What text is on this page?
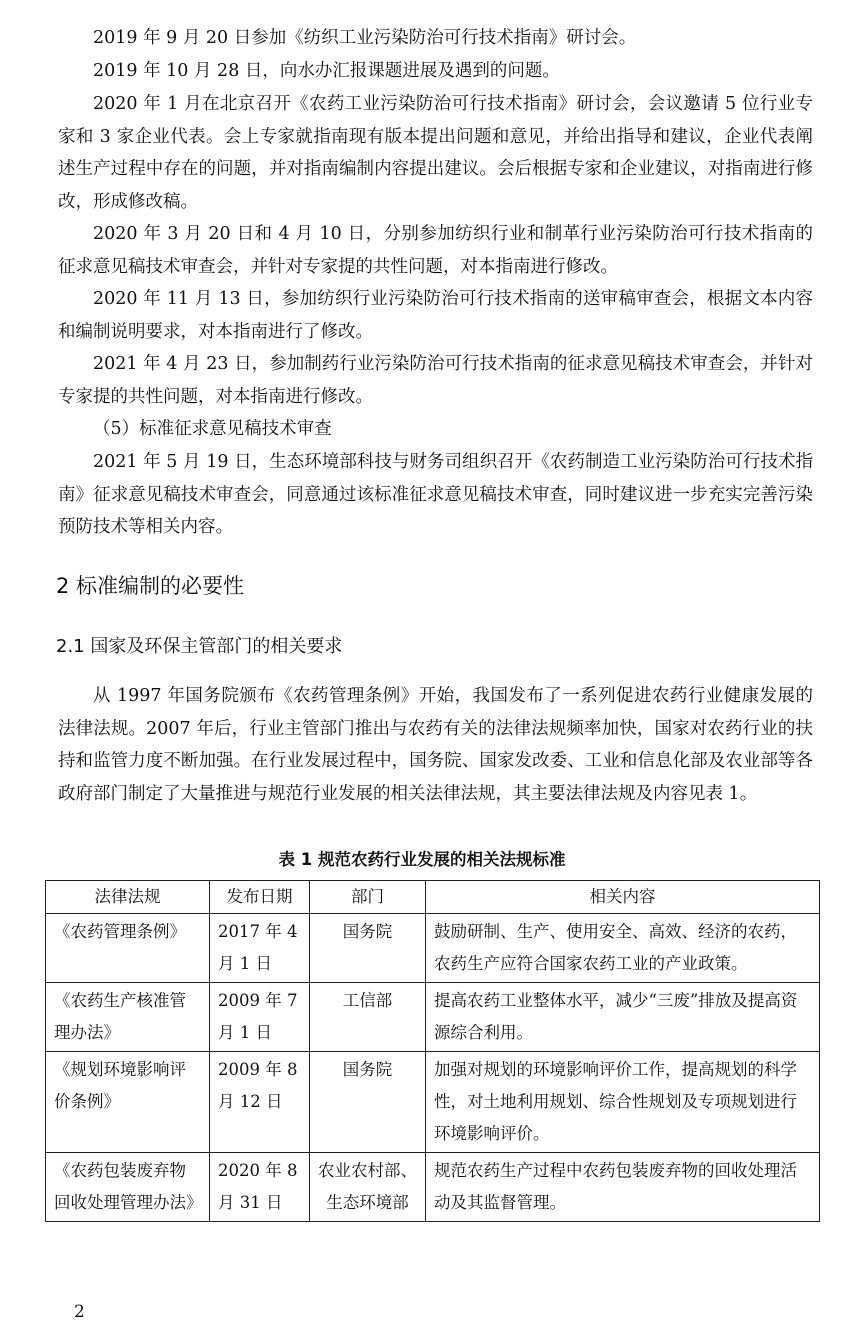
2019 年 9 月 20 日参加《纺织工业污染防治可行技术指南》研讨会。

2019 年 10 月 28 日，向水办汇报课题进展及遇到的问题。

2020 年 1 月在北京召开《农药工业污染防治可行技术指南》研讨会，会议邀请 5 位行业专家和 3 家企业代表。会上专家就指南现有版本提出问题和意见，并给出指导和建议，企业代表阐述生产过程中存在的问题，并对指南编制内容提出建议。会后根据专家和企业建议，对指南进行修改，形成修改稿。

2020 年 3 月 20 日和 4 月 10 日，分别参加纺织行业和制革行业污染防治可行技术指南的征求意见稿技术审查会，并针对专家提的共性问题，对本指南进行修改。

2020 年 11 月 13 日，参加纺织行业污染防治可行技术指南的送审稿审查会，根据文本内容和编制说明要求，对本指南进行了修改。

2021 年 4 月 23 日，参加制药行业污染防治可行技术指南的征求意见稿技术审查会，并针对专家提的共性问题，对本指南进行修改。

（5）标准征求意见稿技术审查

2021 年 5 月 19 日，生态环境部科技与财务司组织召开《农药制造工业污染防治可行技术指南》征求意见稿技术审查会，同意通过该标准征求意见稿技术审查，同时建议进一步充实完善污染预防技术等相关内容。

2 标准编制的必要性
2.1 国家及环保主管部门的相关要求

从 1997 年国务院颁布《农药管理条例》开始，我国发布了一系列促进农药行业健康发展的法律法规。2007 年后，行业主管部门推出与农药有关的法律法规频率加快，国家对农药行业的扶持和监管力度不断加强。在行业发展过程中，国务院、国家发改委、工业和信息化部及农业部等各政府部门制定了大量推进与规范行业发展的相关法律法规，其主要法律法规及内容见表 1。

表 1 规范农药行业发展的相关法规标准

法律法规	发布日期	部门	相关内容
《农药管理条例》	2017 年 4 月 1 日	国务院	鼓励研制、生产、使用安全、高效、经济的农药，农药生产应符合国家农药工业的产业政策。
《农药生产核准管理办法》	2009 年 7 月 1 日	工信部	提高农药工业整体水平，减少“三废”排放及提高资源综合利用。
《规划环境影响评价条例》	2009 年 8 月 12 日	国务院	加强对规划的环境影响评价工作，提高规划的科学性，对土地利用规划、综合性规划及专项规划进行环境影响评价。
《农药包装废弃物回收处理管理办法》	2020 年 8 月 31 日	农业农村部、生态环境部	规范农药生产过程中农药包装废弃物的回收处理活动及其监督管理。
2
